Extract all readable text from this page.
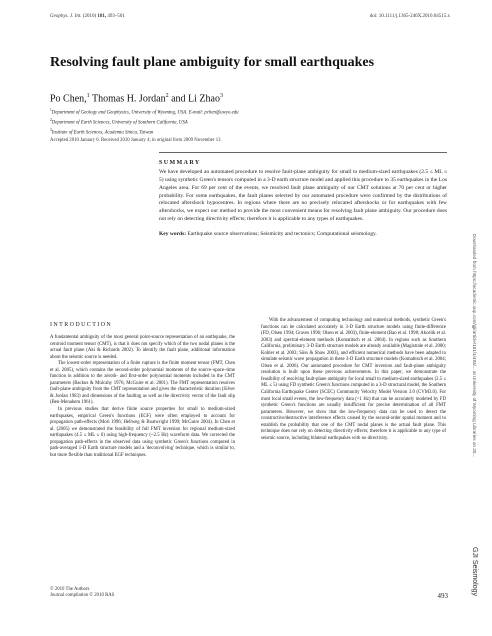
Geophys. J. Int. (2010) 181, 493–501	doi: 10.1111/j.1365-246X.2010.04515.x
Resolving fault plane ambiguity for small earthquakes
Po Chen,$^1$ Thomas H. Jordan$^2$ and Li Zhao$^3$
$^1$Department of Geology and Geophysics, University of Wyoming, USA. E-mail: pchen@uwyo.edu
$^2$Department of Earth Sciences, University of Southern California, USA
$^3$Institute of Earth Sciences, Academia Sinica, Taiwan
Accepted 2010 January 6. Received 2010 January 4; in original form 2009 November 13
SUMMARY
We have developed an automated procedure to resolve fault-plane ambiguity for small to medium-sized earthquakes (2.5 ≤ ML ≤ 5) using synthetic Green's tensors computed in a 3-D earth structure model and applied this procedure to 35 earthquakes in the Los Angeles area. For 69 per cent of the events, we resolved fault plane ambiguity of our CMT solutions at 70 per cent or higher probability. For some earthquakes, the fault planes selected by our automated procedure were confirmed by the distributions of relocated aftershock hypocentres. In regions where there are no precisely relocated aftershocks or for earthquakes with few aftershocks, we expect our method to provide the most convenient means for resolving fault plane ambiguity. Our procedure does not rely on detecting directivity effects; therefore it is applicable to any types of earthquakes.
Key words: Earthquake source observations; Seismicity and tectonics; Computational seismology.
INTRODUCTION

A fundamental ambiguity of the most general point-source representation of an earthquake, the centroid moment tensor (CMT), is that it does not specify which of the two nodal planes is the actual fault plane (Aki & Richards 2002). To identify the fault plane, additional information about the seismic source is needed.

The lowest-order representation of a finite rupture is the finite moment tensor (FMT, Chen et al. 2005), which contains the second-order polynomial moments of the source–space–time function in addition to the zeroth- and first-order polynomial moments included in the CMT parameters (Backus & Mulcahy 1976; McGuire et al. 2001). The FMT representation resolves fault-plane ambiguity from the CMT representation and gives the characteristic duration (Silver & Jordan 1983) and dimensions of the faulting as well as the directivity vector of the fault slip (Ben-Menahem 1961).

In previous studies that derive finite source properties for small to medium-sized earthquakes, empirical Green's functions (EGF) were often employed to account for propagation path-effects (Mori 1996; Hellweg & Boatwright 1999; McGuire 2004). In Chen et al. (2005) we demonstrated the feasibility of full FMT inversion for regional medium-sized earthquakes (4.5 ≤ ML ≤ 6) using high-frequency (~2.5 Hz) waveform data. We corrected the propagation path-effects in the observed data using synthetic Green's functions computed in path-averaged 1-D Earth structure models and a 'deconvolving' technique, which is similar to, but more flexible than traditional EGF techniques.

With the advancement of computing technology and numerical methods, synthetic Green's functions can be calculated accurately in 3-D Earth structure models using finite-difference (FD, Olsen 1994; Graves 1996; Olsen et al. 2003), finite-element (Bao et al. 1998; Akcelik et al. 2003) and spectral-element methods (Komatitsch et al. 2004). In regions such as Southern California, preliminary 3-D Earth structure models are already available (Magistrale et al. 2000; Kohler et al. 2003; Süss & Shaw 2003), and efficient numerical methods have been adapted to simulate seismic wave propagation in these 3-D Earth structure models (Komatitsch et al. 2004; Olsen et al. 2006). Our automated procedure for CMT inversion and fault-plane ambiguity resolution is built upon these previous achievements. In this paper, we demonstrate the feasibility of resolving fault-plane ambiguity for local small to medium-sized earthquakes (2.5 ≤ ML ≤ 5) using FD synthetic Green's functions computed in a 3-D structural model, the Southern California Earthquake Center (SCEC) Community Velocity Model Version 3.0 (CVM3.0). For most local small events, the low-frequency data (<1 Hz) that can be accurately modeled by FD synthetic Green's functions are usually insufficient for precise determination of all FMT parameters. However, we show that the low-frequency data can be used to detect the constructive/destructive interference effects caused by the second-order spatial moment and to establish the probability that one of the CMT nodal planes is the actual fault plane. This technique does not rely on detecting directivity effects; therefore it is applicable to any type of seismic source, including bilateral earthquakes with no directivity.

© 2010 The Authors
Journal compilation © 2010 RAS	493
Downloaded from https://academic.oup.com/gji/article/181/1/493/... at University of Wyoming Libraries on 20...
GJI Seismology
